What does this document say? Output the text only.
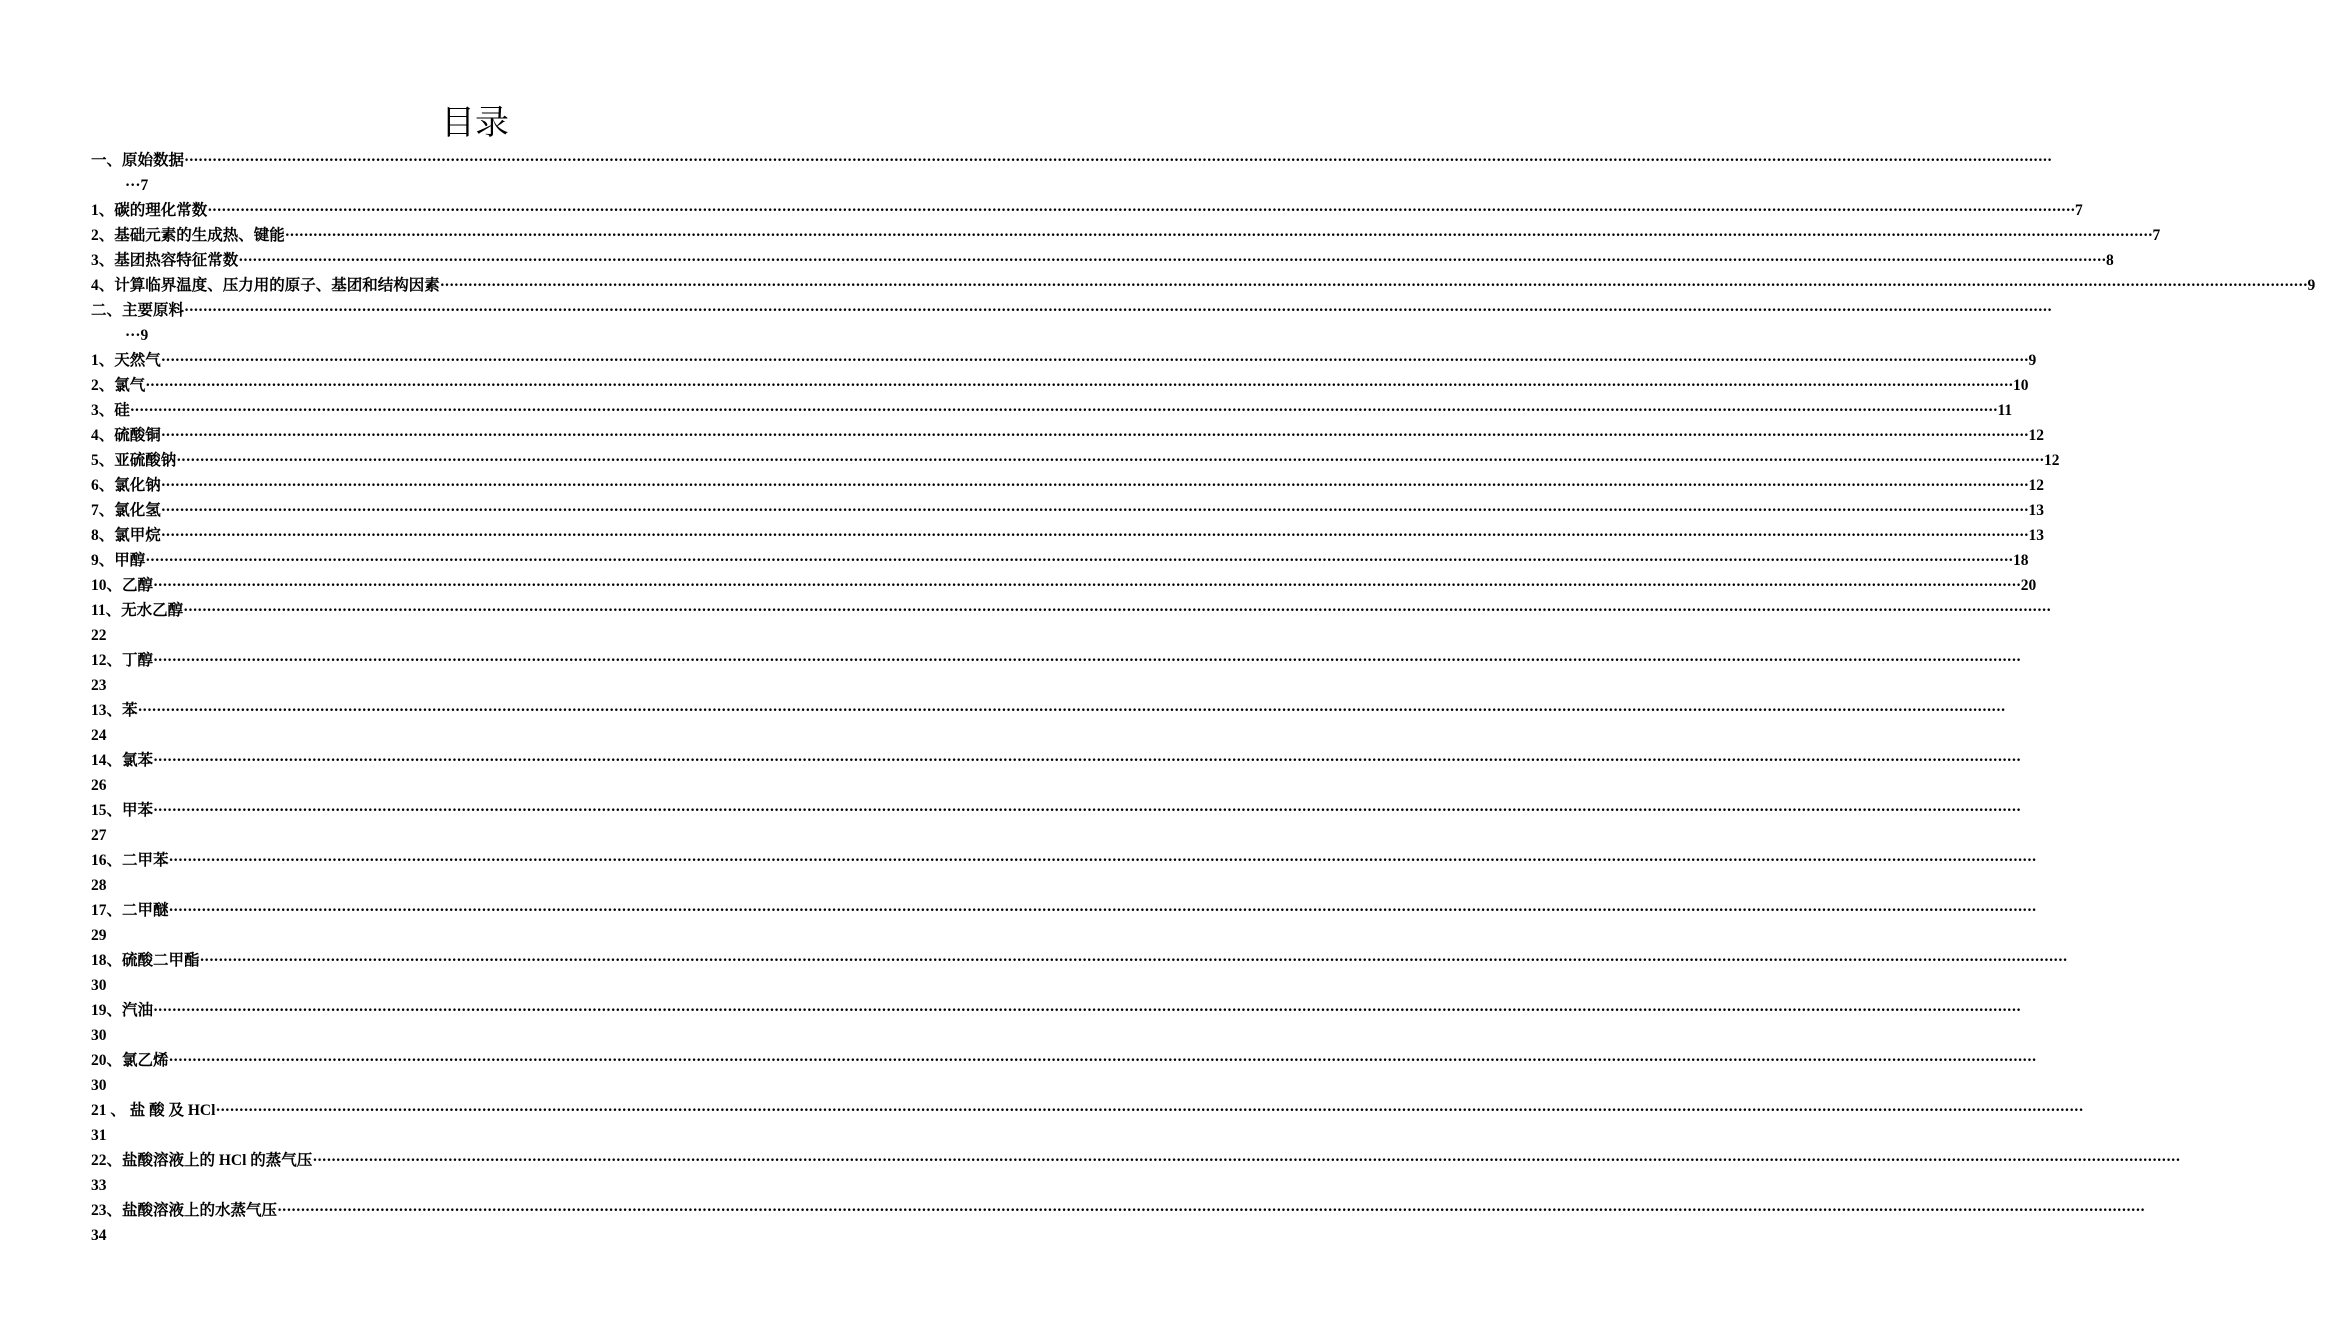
目录
一、 原始数据 ················································································································································································································································································································································································································
···7
1、碳的理化常数 ················································································································································································································································································································································································································ 7
2、基础元素的生成热、键能 ················································································································································································································································································································································································································ 7
3、基团热容特征常数 ················································································································································································································································································································································································································ 8
4、计算临界温度、压力用的原子、基团和结构因素 ················································································································································································································································································································································································································ 9
二、 主要原料 ················································································································································································································································································································································································································
···9
1、天然气 ················································································································································································································································································································································································································ 9
2、氯气 ················································································································································································································································································································································································································ 10
3、硅 ················································································································································································································································································································································································································ 11
4、硫酸铜 ················································································································································································································································································································································································································ 12
5、亚硫酸钠 ················································································································································································································································································································································································································ 12
6、氯化钠 ················································································································································································································································································································································································································ 12
7、氯化氢 ················································································································································································································································································································································································································ 13
8、氯甲烷 ················································································································································································································································································································································································································ 13
9、甲醇 ················································································································································································································································································································································································································ 18
10、乙醇 ················································································································································································································································································································································································································ 20
11、无水乙醇 ················································································································································································································································································································································································································
22
12、丁醇 ················································································································································································································································································································································································································
23
13、苯 ················································································································································································································································································································································································································
24
14、氯苯 ················································································································································································································································································································································································································
26
15、甲苯 ················································································································································································································································································································································································································
27
16、二甲苯 ················································································································································································································································································································································································································
28
17、二甲醚 ················································································································································································································································································································································································································
29
18、硫酸二甲酯 ················································································································································································································································································································································································································
30
19、汽油 ················································································································································································································································································································································································································
30
20、氯乙烯 ················································································································································································································································································································································································································
30
21 、 盐 酸 及 HCl ················································································································································································································································································································································································································
31
22、盐酸溶液上的 HCl 的蒸气压 ················································································································································································································································································································································································································
33
23、盐酸溶液上的水蒸气压 ················································································································································································································································································································································································································
34
